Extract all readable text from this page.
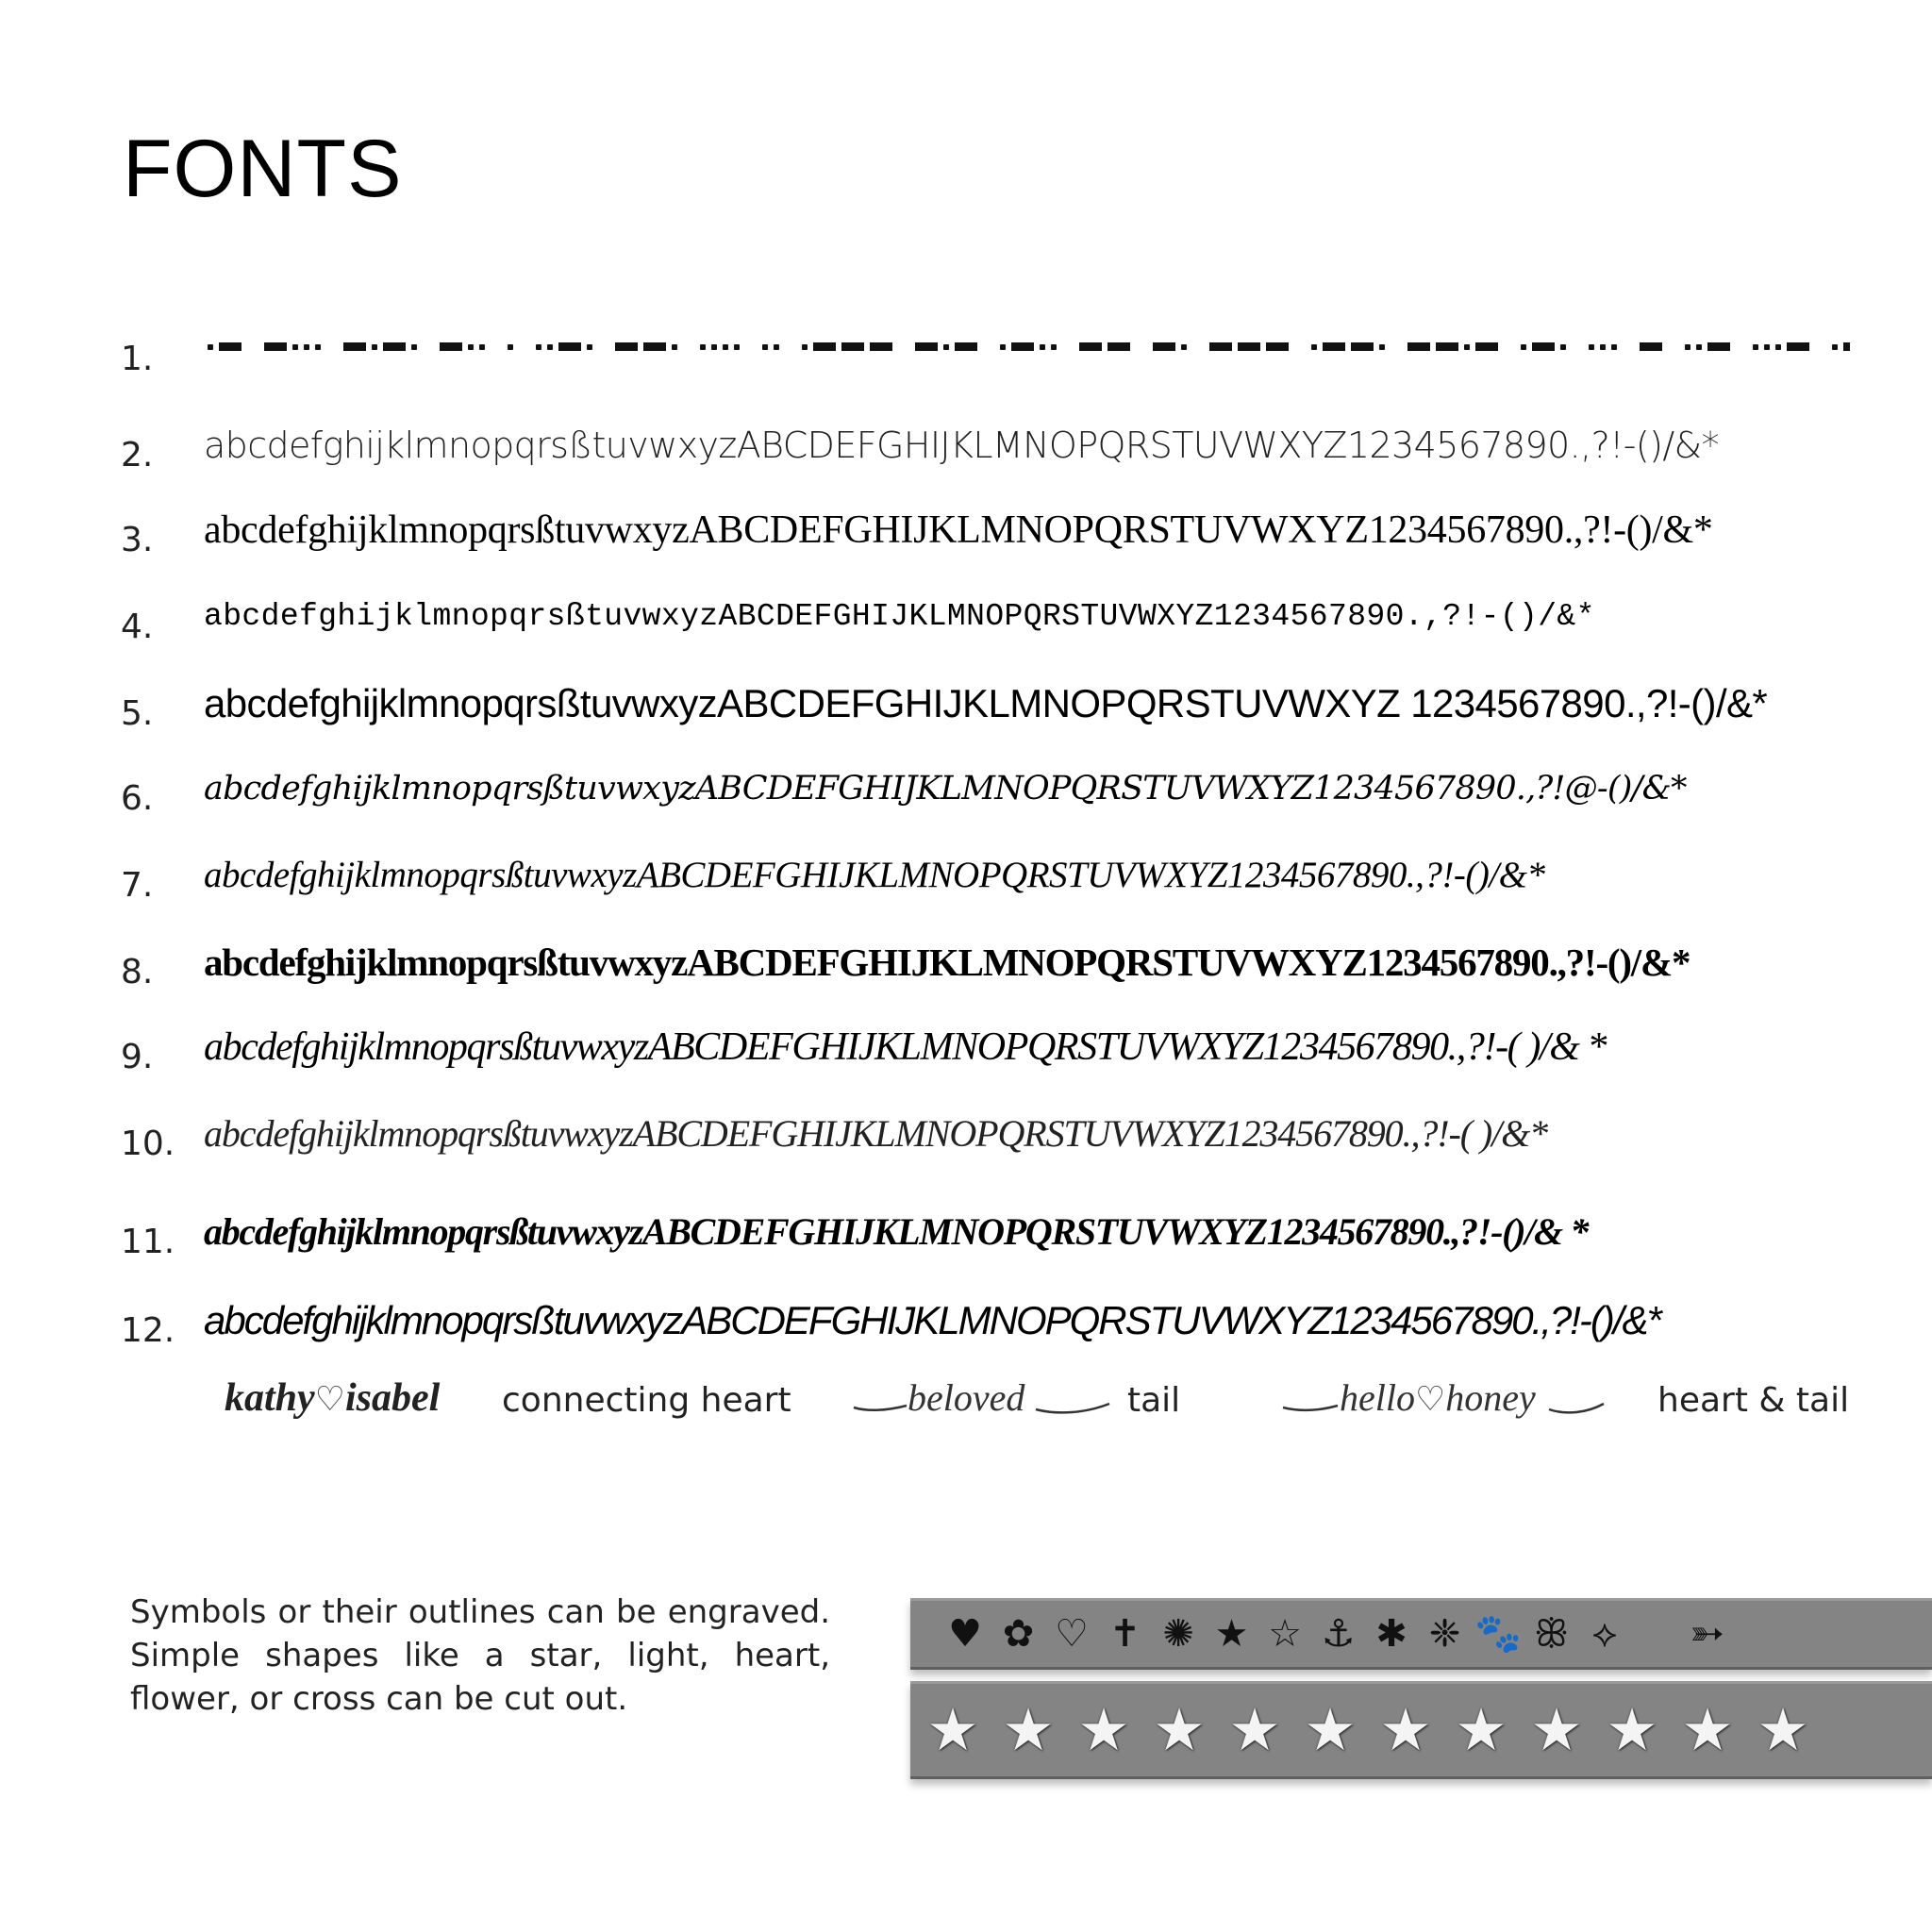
FONTS
1.
2. abcdefghijklmnopqrsßtuvwxyzABCDEFGHIJKLMNOPQRSTUVWXYZ1234567890.,?!-()/&*
3. abcdefghijklmnopqrsßtuvwxyzABCDEFGHIJKLMNOPQRSTUVWXYZ1234567890.,?!-()/&*
4. abcdefghijklmnopqrsßtuvwxyzABCDEFGHIJKLMNOPQRSTUVWXYZ1234567890.,?!-()/&*
5. abcdefghijklmnopqrsßtuvwxyzABCDEFGHIJKLMNOPQRSTUVWXYZ 1234567890.,?!-()/&*
6. abcdefghijklmnopqrsßtuvwxyzABCDEFGHIJKLMNOPQRSTUVWXYZ1234567890.,?!@-()/&*
7. abcdefghijklmnopqrsßtuvwxyzABCDEFGHIJKLMNOPQRSTUVWXYZ1234567890.,?!-()/&*
8. abcdefghijklmnopqrsßtuvwxyzABCDEFGHIJKLMNOPQRSTUVWXYZ1234567890.,?!-()/&*
9. abcdefghijklmnopqrsßtuvwxyzABCDEFGHIJKLMNOPQRSTUVWXYZ1234567890.,?!-( )/& *
10. abcdefghijklmnopqrsßtuvwxyzABCDEFGHIJKLMNOPQRSTUVWXYZ1234567890.,?!-( )/&*
11. abcdefghijklmnopqrsßtuvwxyzABCDEFGHIJKLMNOPQRSTUVWXYZ1234567890.,?!-()/& *
12. abcdefghijklmnopqrsßtuvwxyzABCDEFGHIJKLMNOPQRSTUVWXYZ1234567890.,?!-()/&*
kathy♡isabel connecting heart	beloved	tail	hello♡honey	heart & tail
Symbols or their outlines can be engraved. Simple shapes like a star, light, heart, flower, or cross can be cut out.
♥ ✿ ♡ ✝ ✺ ★ ☆ ⚓ ✱ ❈ 🐾 ꕥ ⟡	➳
★ ★ ★ ★ ★ ★ ★ ★ ★ ★ ★ ★
